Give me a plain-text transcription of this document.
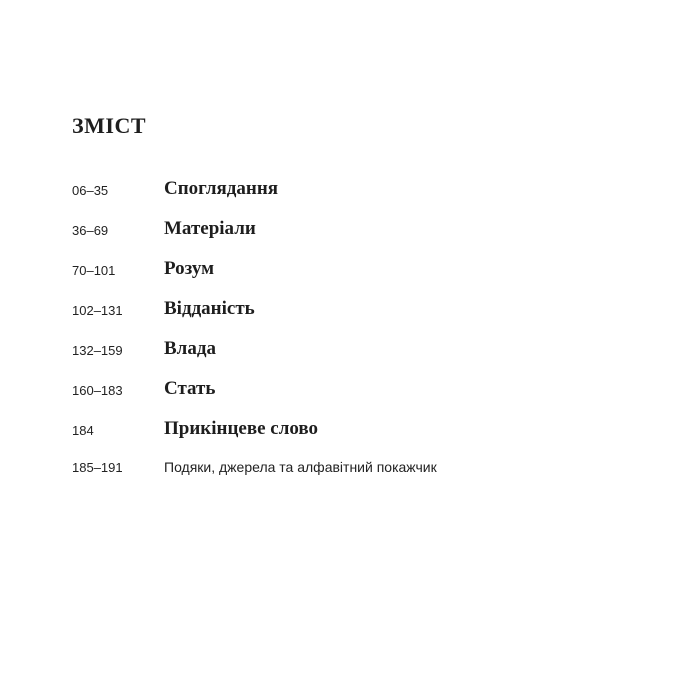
ЗМІСТ
06–35	Споглядання
36–69	Матеріали
70–101	Розум
102–131 Відданість
132–159 Влада
160–183 Стать
184	Прикінцеве слово
185–191	Подяки, джерела та алфавітний покажчик
